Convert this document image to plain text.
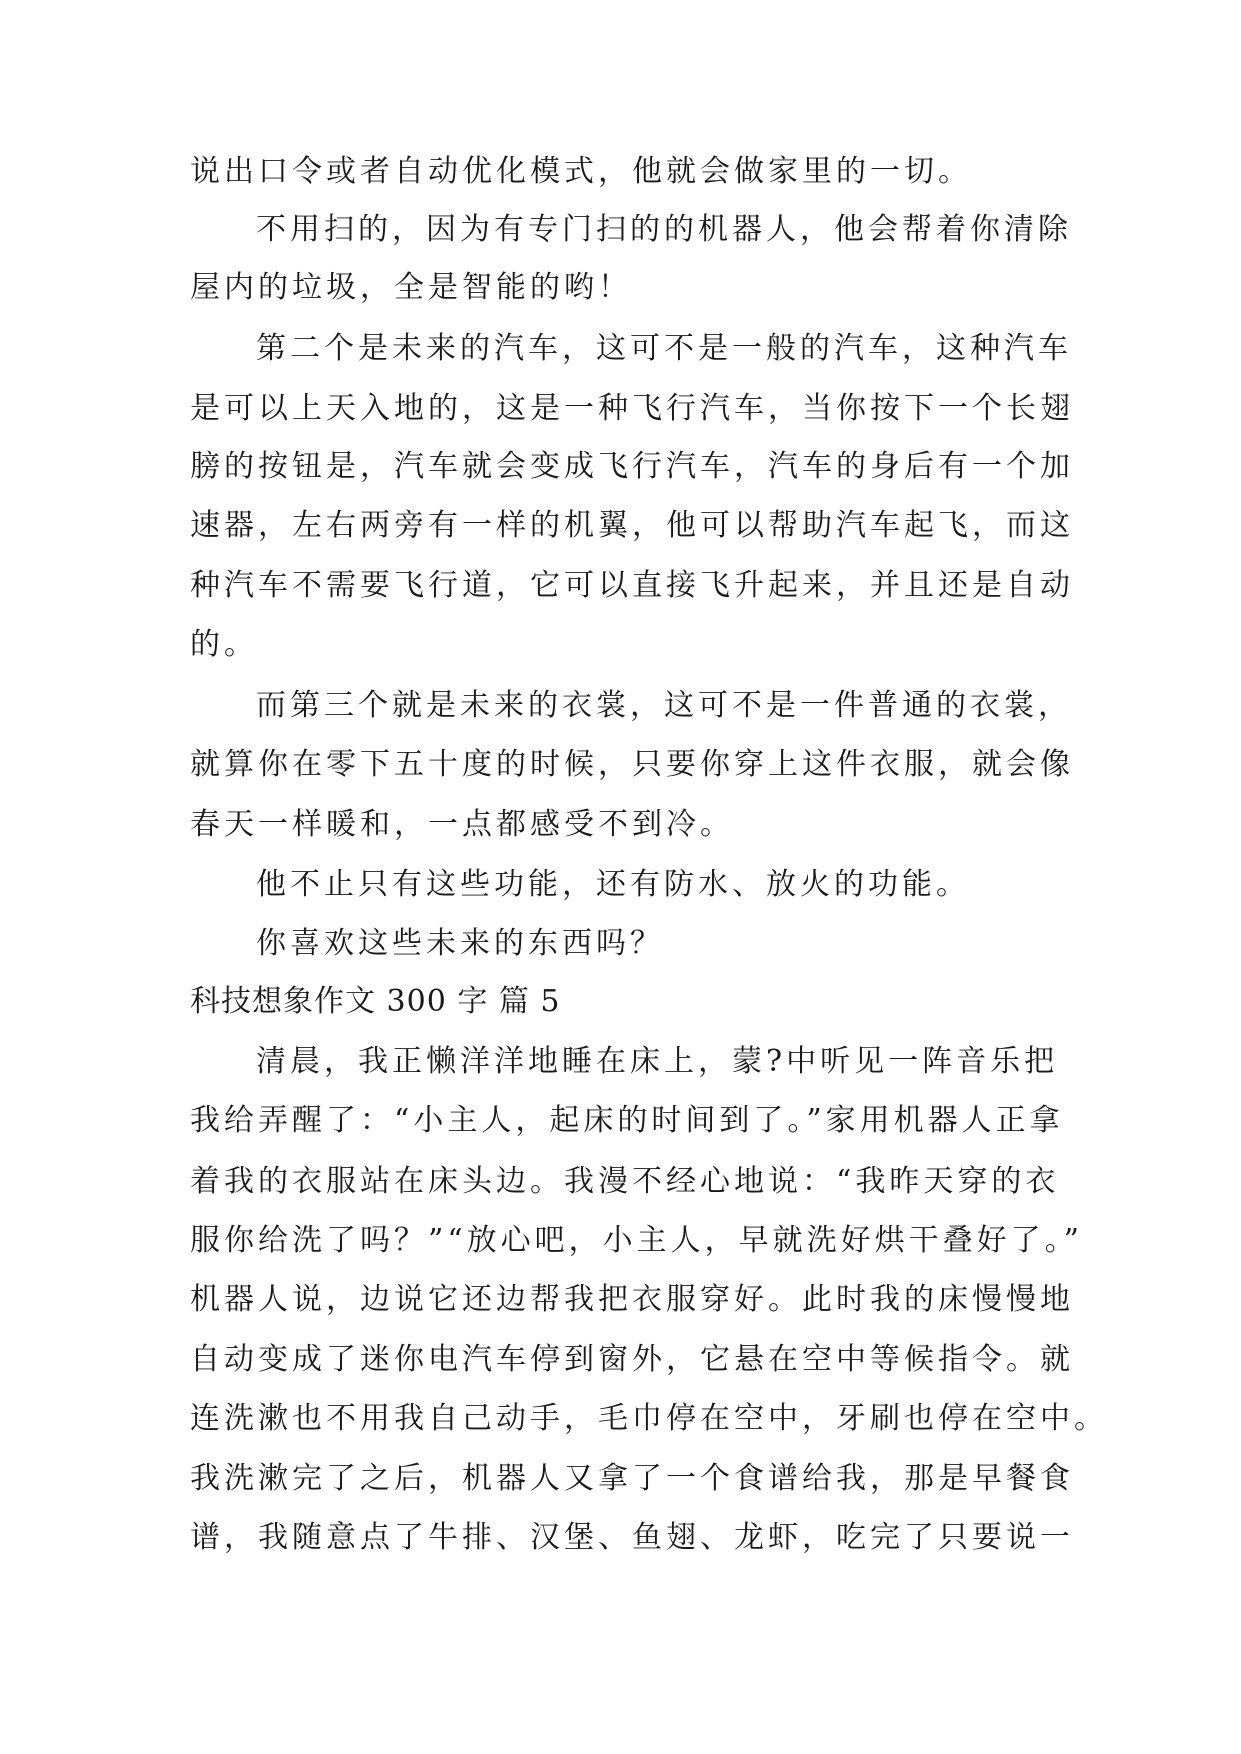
说出口令或者自动优化模式，他就会做家里的一切。
不用扫的，因为有专门扫的的机器人，他会帮着你清除
屋内的垃圾，全是智能的哟！
第二个是未来的汽车，这可不是一般的汽车，这种汽车
是可以上天入地的，这是一种飞行汽车，当你按下一个长翅
膀的按钮是，汽车就会变成飞行汽车，汽车的身后有一个加
速器，左右两旁有一样的机翼，他可以帮助汽车起飞，而这
种汽车不需要飞行道，它可以直接飞升起来，并且还是自动
的。
而第三个就是未来的衣裳，这可不是一件普通的衣裳，
就算你在零下五十度的时候，只要你穿上这件衣服，就会像
春天一样暖和，一点都感受不到冷。
他不止只有这些功能，还有防水、放火的功能。
你喜欢这些未来的东西吗？
科技想象作文 300 字 篇 5
清晨，我正懒洋洋地睡在床上，蒙?中听见一阵音乐把
我给弄醒了：“小主人，起床的时间到了。”家用机器人正拿
着我的衣服站在床头边。我漫不经心地说：“我昨天穿的衣
服你给洗了吗？”“放心吧，小主人，早就洗好烘干叠好了。”
机器人说，边说它还边帮我把衣服穿好。此时我的床慢慢地
自动变成了迷你电汽车停到窗外，它悬在空中等候指令。就
连洗漱也不用我自己动手，毛巾停在空中，牙刷也停在空中。
我洗漱完了之后，机器人又拿了一个食谱给我，那是早餐食
谱，我随意点了牛排、汉堡、鱼翅、龙虾，吃完了只要说一
